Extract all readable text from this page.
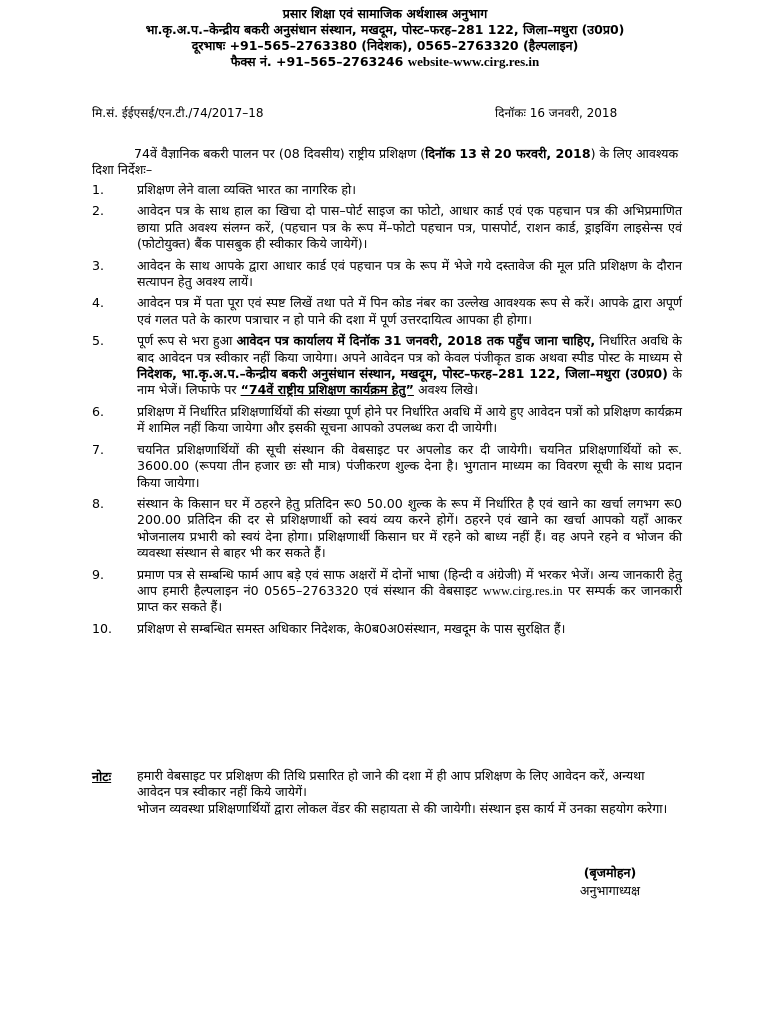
प्रसार शिक्षा एवं सामाजिक अर्थशास्त्र अनुभाग
भा.कृ.अ.प.–केन्द्रीय बकरी अनुसंधान संस्थान, मखदूम, पोस्ट–फरह–281 122, जिला–मथुरा (उ0प्र0)
दूरभाषः +91–565–2763380 (निदेशक), 0565–2763320 (हैल्पलाइन)
फैक्स नं. +91–565–2763246 website-www.cirg.res.in
मि.सं. ईईएसई/एन.टी./74/2017–18	दिनॉकः 16 जनवरी, 2018
74वें वैज्ञानिक बकरी पालन पर (08 दिवसीय) राष्ट्रीय प्रशिक्षण (दिनॉक 13 से 20 फरवरी, 2018) के लिए आवश्यक दिशा निर्देशः–
1.	प्रशिक्षण लेने वाला व्यक्ति भारत का नागरिक हो।

2.	आवेदन पत्र के साथ हाल का खिचा दो पास–पोर्ट साइज का फोटो, आधार कार्ड एवं एक पहचान पत्र की अभिप्रमाणित छाया प्रति अवश्य संलग्न करें, (पहचान पत्र के रूप में–फोटो पहचान पत्र, पासपोर्ट, राशन कार्ड, ड्राइविंग लाइसेन्स एवं (फोटोयुक्त) बैंक पासबुक ही स्वीकार किये जायेगें)।

3.	आवेदन के साथ आपके द्वारा आधार कार्ड एवं पहचान पत्र के रूप में भेजे गये दस्तावेज की मूल प्रति प्रशिक्षण के दौरान सत्यापन हेतु अवश्य लायें।

4.	आवेदन पत्र में पता पूरा एवं स्पष्ट लिखें तथा पते में पिन कोड नंबर का उल्लेख आवश्यक रूप से करें। आपके द्वारा अपूर्ण एवं गलत पते के कारण पत्राचार न हो पाने की दशा में पूर्ण उत्तरदायित्व आपका ही होगा।

5.	पूर्ण रूप से भरा हुआ आवेदन पत्र कार्यालय में दिनॉक 31 जनवरी, 2018 तक पहुँच जाना चाहिए, निर्धारित अवधि के बाद आवेदन पत्र स्वीकार नहीं किया जायेगा। अपने आवेदन पत्र को केवल पंजीकृत डाक अथवा स्पीड पोस्ट के माध्यम से निदेशक, भा.कृ.अ.प.–केन्द्रीय बकरी अनुसंधान संस्थान, मखदूम, पोस्ट–फरह–281 122, जिला–मथुरा (उ0प्र0) के नाम भेजें। लिफाफे पर “74वें राष्ट्रीय प्रशिक्षण कार्यक्रम हेतु” अवश्य लिखे।

6.	प्रशिक्षण में निर्धारित प्रशिक्षणार्थियों की संख्या पूर्ण होने पर निर्धारित अवधि में आये हुए आवेदन पत्रों को प्रशिक्षण कार्यक्रम में शामिल नहीं किया जायेगा और इसकी सूचना आपको उपलब्ध करा दी जायेगी।

7.	चयनित प्रशिक्षणार्थियों की सूची संस्थान की वेबसाइट पर अपलोड कर दी जायेगी। चयनित प्रशिक्षणार्थियों को रू. 3600.00 (रूपया तीन हजार छः सौ मात्र) पंजीकरण शुल्क देना है। भुगतान माध्यम का विवरण सूची के साथ प्रदान किया जायेगा।

8.	संस्थान के किसान घर में ठहरने हेतु प्रतिदिन रू0 50.00 शुल्क के रूप में निर्धारित है एवं खाने का खर्चा लगभग रू0 200.00 प्रतिदिन की दर से प्रशिक्षणार्थी को स्वयं व्यय करने होगें। ठहरने एवं खाने का खर्चा आपको यहाँ आकर भोजनालय प्रभारी को स्वयं देना होगा। प्रशिक्षणार्थी किसान घर में रहने को बाध्य नहीं हैं। वह अपने रहने व भोजन की व्यवस्था संस्थान से बाहर भी कर सकते हैं।

9.	प्रमाण पत्र से सम्बन्धि फार्म आप बड़े एवं साफ अक्षरों में दोनों भाषा (हिन्दी व अंग्रेजी) में भरकर भेजें। अन्य जानकारी हेतु आप हमारी हैल्पलाइन नं0 0565–2763320 एवं संस्थान की वेबसाइट www.cirg.res.in पर सम्पर्क कर जानकारी प्राप्त कर सकते हैं।

10. प्रशिक्षण से सम्बन्धित समस्त अधिकार निदेशक, के0ब0अ0संस्थान, मखदूम के पास सुरक्षित हैं।

नोटः हमारी वेबसाइट पर प्रशिक्षण की तिथि प्रसारित हो जाने की दशा में ही आप प्रशिक्षण के लिए आवेदन करें, अन्यथा आवेदन पत्र स्वीकार नहीं किये जायेगें।

भोजन व्यवस्था प्रशिक्षणार्थियों द्वारा लोकल वेंडर की सहायता से की जायेगी। संस्थान इस कार्य में उनका सहयोग करेगा।

(बृजमोहन)
अनुभागाध्यक्ष
